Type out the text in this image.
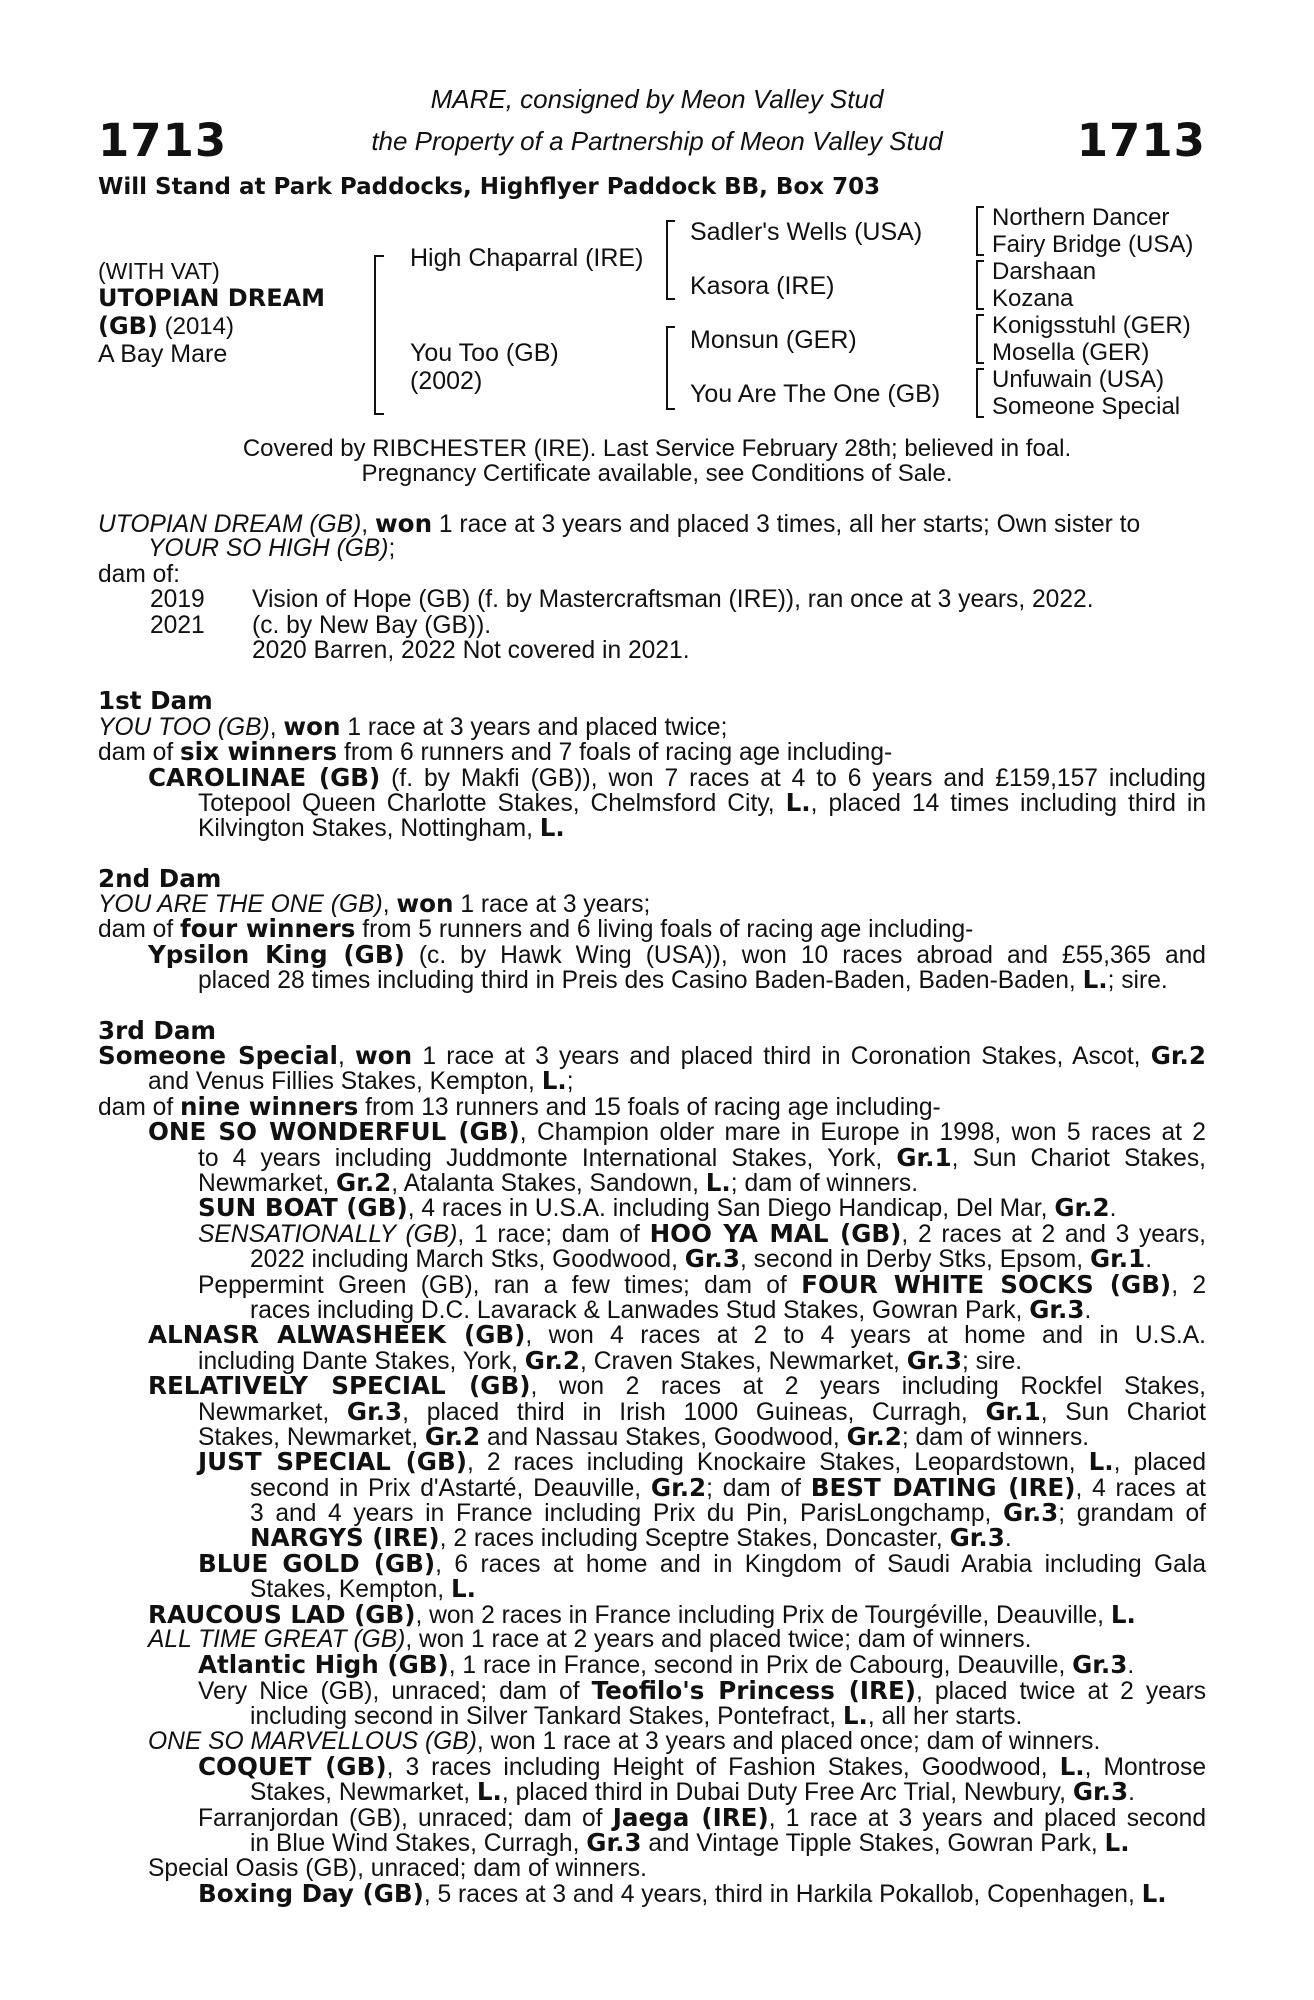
1713	1713
MARE, consigned by Meon Valley Stud
the Property of a Partnership of Meon Valley Stud
Will Stand at Park Paddocks, Highflyer Paddock BB, Box 703
(WITH VAT)
UTOPIAN DREAM
(GB) (2014)
A Bay Mare
High Chaparral (IRE)
You Too (GB)
(2002)
Sadler's Wells (USA)
Kasora (IRE)
Monsun (GER)
You Are The One (GB)
Northern Dancer
Fairy Bridge (USA)
Darshaan
Kozana
Konigsstuhl (GER)
Mosella (GER)
Unfuwain (USA)
Someone Special
Covered by RIBCHESTER (IRE). Last Service February 28th; believed in foal.
Pregnancy Certificate available, see Conditions of Sale.
UTOPIAN DREAM (GB), won 1 race at 3 years and placed 3 times, all her starts; Own sister to
YOUR SO HIGH (GB);
dam of:
2019 Vision of Hope (GB) (f. by Mastercraftsman (IRE)), ran once at 3 years, 2022.
2021 (c. by New Bay (GB)).
2020 Barren, 2022 Not covered in 2021.
1st Dam
YOU TOO (GB), won 1 race at 3 years and placed twice;
dam of six winners from 6 runners and 7 foals of racing age including-
CAROLINAE (GB) (f. by Makfi (GB)), won 7 races at 4 to 6 years and £159,157 including
Totepool Queen Charlotte Stakes, Chelmsford City, L., placed 14 times including third in
Kilvington Stakes, Nottingham, L.
2nd Dam
YOU ARE THE ONE (GB), won 1 race at 3 years;
dam of four winners from 5 runners and 6 living foals of racing age including-
Ypsilon King (GB) (c. by Hawk Wing (USA)), won 10 races abroad and £55,365 and
placed 28 times including third in Preis des Casino Baden-Baden, Baden-Baden, L.; sire.
3rd Dam
Someone Special, won 1 race at 3 years and placed third in Coronation Stakes, Ascot, Gr.2
and Venus Fillies Stakes, Kempton, L.;
dam of nine winners from 13 runners and 15 foals of racing age including-
ONE SO WONDERFUL (GB), Champion older mare in Europe in 1998, won 5 races at 2
to 4 years including Juddmonte International Stakes, York, Gr.1, Sun Chariot Stakes,
Newmarket, Gr.2, Atalanta Stakes, Sandown, L.; dam of winners.
SUN BOAT (GB), 4 races in U.S.A. including San Diego Handicap, Del Mar, Gr.2.
SENSATIONALLY (GB), 1 race; dam of HOO YA MAL (GB), 2 races at 2 and 3 years,
2022 including March Stks, Goodwood, Gr.3, second in Derby Stks, Epsom, Gr.1.
Peppermint Green (GB), ran a few times; dam of FOUR WHITE SOCKS (GB), 2
races including D.C. Lavarack & Lanwades Stud Stakes, Gowran Park, Gr.3.
ALNASR ALWASHEEK (GB), won 4 races at 2 to 4 years at home and in U.S.A.
including Dante Stakes, York, Gr.2, Craven Stakes, Newmarket, Gr.3; sire.
RELATIVELY SPECIAL (GB), won 2 races at 2 years including Rockfel Stakes,
Newmarket, Gr.3, placed third in Irish 1000 Guineas, Curragh, Gr.1, Sun Chariot
Stakes, Newmarket, Gr.2 and Nassau Stakes, Goodwood, Gr.2; dam of winners.
JUST SPECIAL (GB), 2 races including Knockaire Stakes, Leopardstown, L., placed
second in Prix d'Astarté, Deauville, Gr.2; dam of BEST DATING (IRE), 4 races at
3 and 4 years in France including Prix du Pin, ParisLongchamp, Gr.3; grandam of
NARGYS (IRE), 2 races including Sceptre Stakes, Doncaster, Gr.3.
BLUE GOLD (GB), 6 races at home and in Kingdom of Saudi Arabia including Gala
Stakes, Kempton, L.
RAUCOUS LAD (GB), won 2 races in France including Prix de Tourgéville, Deauville, L.
ALL TIME GREAT (GB), won 1 race at 2 years and placed twice; dam of winners.
Atlantic High (GB), 1 race in France, second in Prix de Cabourg, Deauville, Gr.3.
Very Nice (GB), unraced; dam of Teofilo's Princess (IRE), placed twice at 2 years
including second in Silver Tankard Stakes, Pontefract, L., all her starts.
ONE SO MARVELLOUS (GB), won 1 race at 3 years and placed once; dam of winners.
COQUET (GB), 3 races including Height of Fashion Stakes, Goodwood, L., Montrose
Stakes, Newmarket, L., placed third in Dubai Duty Free Arc Trial, Newbury, Gr.3.
Farranjordan (GB), unraced; dam of Jaega (IRE), 1 race at 3 years and placed second
in Blue Wind Stakes, Curragh, Gr.3 and Vintage Tipple Stakes, Gowran Park, L.
Special Oasis (GB), unraced; dam of winners.
Boxing Day (GB), 5 races at 3 and 4 years, third in Harkila Pokallob, Copenhagen, L.
